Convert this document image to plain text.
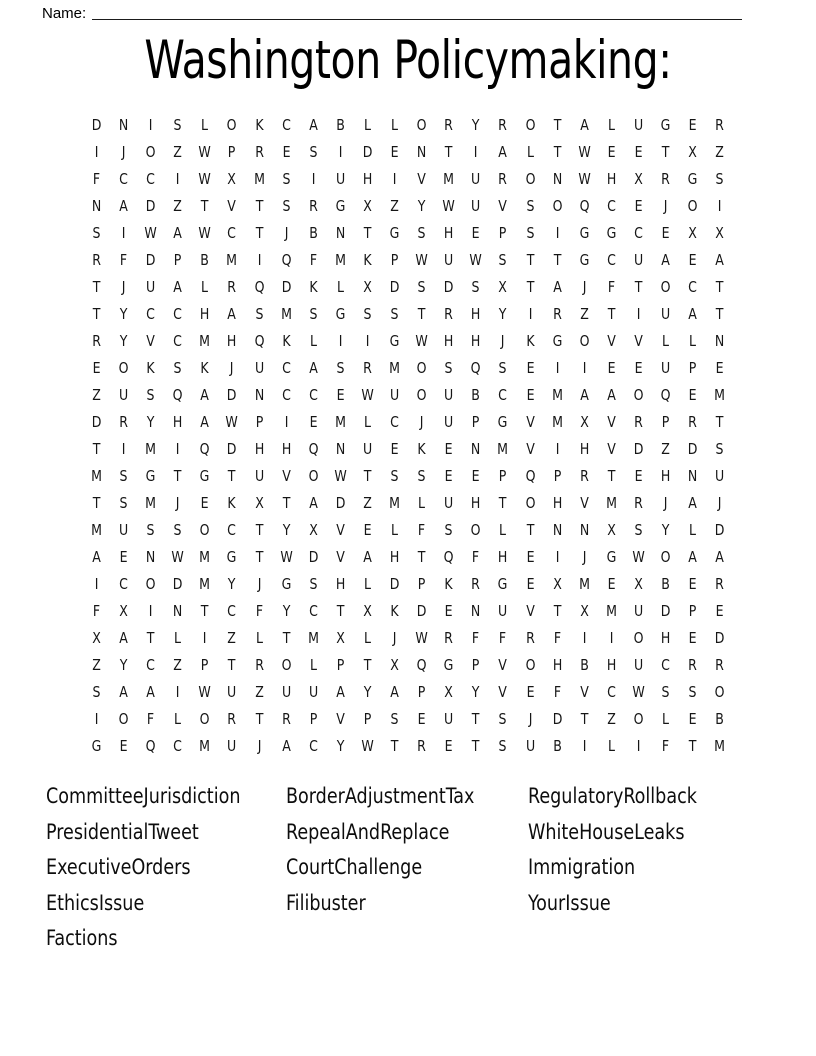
Name:
Washington Policymaking:
D	N	I	S	L	O	K	C	A	B	L	L	O	R	Y	R	O	T	A	L	U	G	E	R
I	J	O	Z	W	P	R	E	S	I	D	E	N	T	I	A	L	T	W	E	E	T	X	Z
F	C	C	I	W	X	M	S	I	U	H	I	V	M	U	R	O	N	W	H	X	R	G	S
N	A	D	Z	T	V	T	S	R	G	X	Z	Y	W	U	V	S	O	Q	C	E	J	O	I
S	I	W	A	W	C	T	J	B	N	T	G	S	H	E	P	S	I	G	G	C	E	X	X
R	F	D	P	B	M	I	Q	F	M	K	P	W	U	W	S	T	T	G	C	U	A	E	A
T	J	U	A	L	R	Q	D	K	L	X	D	S	D	S	X	T	A	J	F	T	O	C	T
T	Y	C	C	H	A	S	M	S	G	S	S	T	R	H	Y	I	R	Z	T	I	U	A	T
R	Y	V	C	M	H	Q	K	L	I	I	G	W	H	H	J	K	G	O	V	V	L	L	N
E	O	K	S	K	J	U	C	A	S	R	M	O	S	Q	S	E	I	I	E	E	U	P	E
Z	U	S	Q	A	D	N	C	C	E	W	U	O	U	B	C	E	M	A	A	O	Q	E	M
D	R	Y	H	A	W	P	I	E	M	L	C	J	U	P	G	V	M	X	V	R	P	R	T
T	I	M	I	Q	D	H	H	Q	N	U	E	K	E	N	M	V	I	H	V	D	Z	D	S
M	S	G	T	G	T	U	V	O	W	T	S	S	E	E	P	Q	P	R	T	E	H	N	U
T	S	M	J	E	K	X	T	A	D	Z	M	L	U	H	T	O	H	V	M	R	J	A	J
M	U	S	S	O	C	T	Y	X	V	E	L	F	S	O	L	T	N	N	X	S	Y	L	D
A	E	N	W M	G	T	W	D	V	A	H	T	Q	F	H	E	I	J	G	W	O	A	A
I	C	O	D	M	Y	J	G	S	H	L	D	P	K	R	G	E	X	M	E	X	B	E	R
F	X	I	N	T	C	F	Y	C	T	X	K	D	E	N	U	V	T	X	M	U	D	P	E
X	A	T	L	I	Z	L	T	M	X	L	J	W	R	F	F	R	F	I	I	O	H	E	D
Z	Y	C	Z	P	T	R	O	L	P	T	X	Q	G	P	V	O	H	B	H	U	C	R	R
S	A	A	I	W	U	Z	U	U	A	Y	A	P	X	Y	V	E	F	V	C	W	S	S	O
I	O	F	L	O	R	T	R	P	V	P	S	E	U	T	S	J	D	T	Z	O	L	E	B
G	E	Q	C	M	U	J	A	C	Y	W	T	R	E	T	S	U	B	I	L	I	F	T	M
CommitteeJurisdiction
PresidentialTweet
ExecutiveOrders
EthicsIssue
Factions
BorderAdjustmentTax
RepealAndReplace
CourtChallenge
Filibuster
RegulatoryRollback
WhiteHouseLeaks
Immigration
YourIssue
